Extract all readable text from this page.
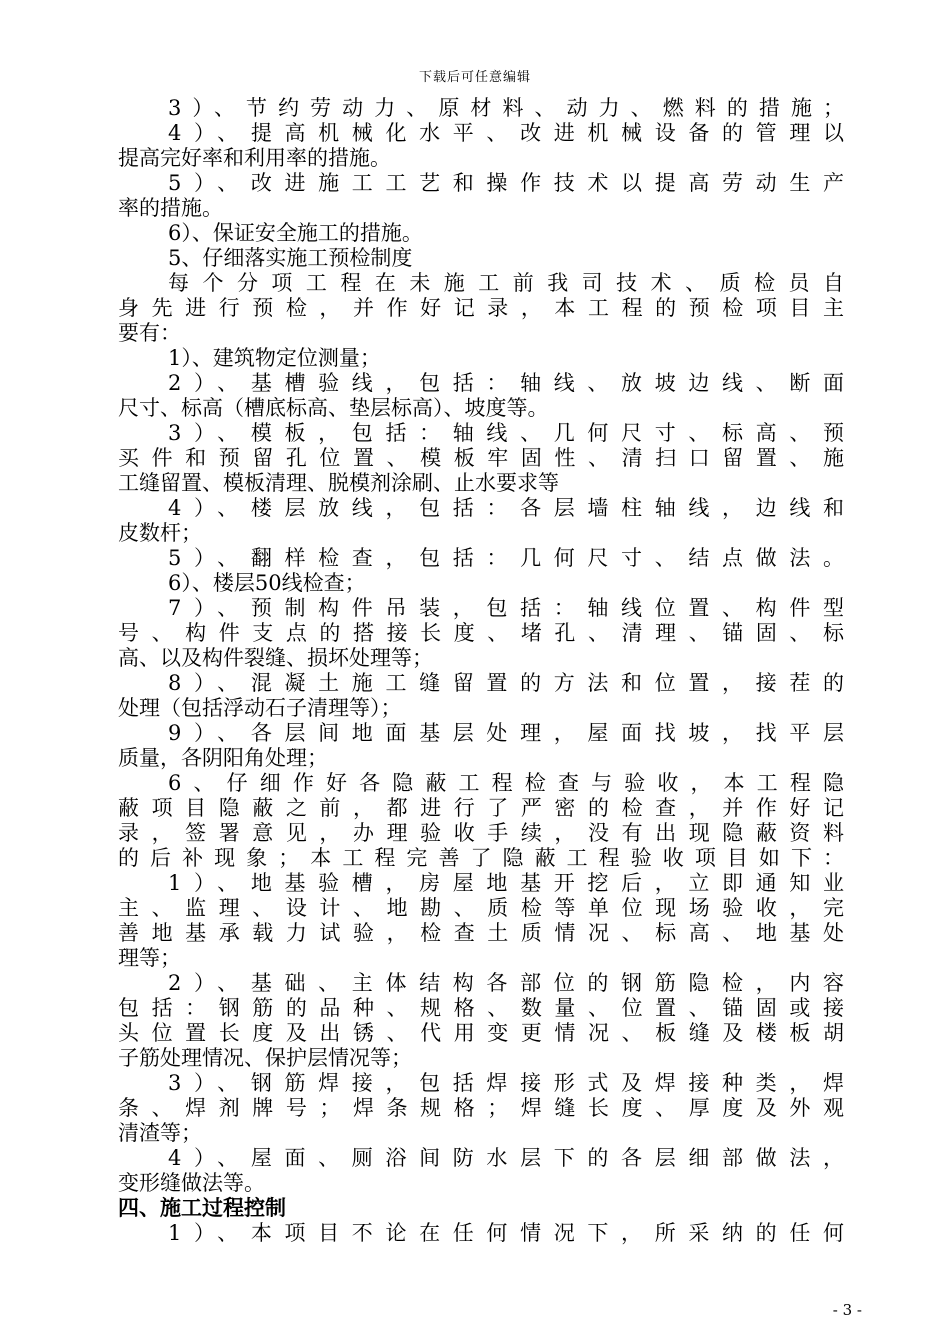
下载后可任意编辑
3）、节约劳动力、原材料、动力、燃料的措施；
4）、提高机械化水平、改进机械设备的管理以
提高完好率和利用率的措施。
5）、改进施工工艺和操作技术以提高劳动生产
率的措施。
6）、保证安全施工的措施。
5、仔细落实施工预检制度
每个分项工程在未施工前我司技术、质检员自
身先进行预检，并作好记录，本工程的预检项目主
要有：
1）、建筑物定位测量；
2）、基槽验线，包括：轴线、放坡边线、断面
尺寸、标高（槽底标高、垫层标高）、坡度等。
3）、模板，包括：轴线、几何尺寸、标高、预
买件和预留孔位置、模板牢固性、清扫口留置、施
工缝留置、模板清理、脱模剂涂刷、止水要求等
4）、楼层放线，包括：各层墙柱轴线，边线和
皮数杆；
5）、翻样检查，包括：几何尺寸、结点做法。
6）、楼层50线检查；
7）、预制构件吊装，包括：轴线位置、构件型
号、构件支点的搭接长度、堵孔、清理、锚固、标
高、以及构件裂缝、损坏处理等；
8）、混凝土施工缝留置的方法和位置，接茬的
处理（包括浮动石子清理等）；
9）、各层间地面基层处理，屋面找坡，找平层
质量，各阴阳角处理；
6、仔细作好各隐蔽工程检查与验收，本工程隐
蔽项目隐蔽之前，都进行了严密的检查，并作好记
录，签署意见，办理验收手续，没有出现隐蔽资料
的后补现象；本工程完善了隐蔽工程验收项目如下：
1）、地基验槽，房屋地基开挖后，立即通知业
主、监理、设计、地勘、质检等单位现场验收，完
善地基承载力试验，检查土质情况、标高、地基处
理等；
2）、基础、主体结构各部位的钢筋隐检，内容
包括：钢筋的品种、规格、数量、位置、锚固或接
头位置长度及出锈、代用变更情况、板缝及楼板胡
子筋处理情况、保护层情况等；
3）、钢筋焊接，包括焊接形式及焊接种类，焊
条、焊剂牌号；焊条规格；焊缝长度、厚度及外观
清渣等；
4）、屋面、厕浴间防水层下的各层细部做法，
变形缝做法等。
四、施工过程控制
1）、本项目不论在任何情况下，所采纳的任何
- 3 -
